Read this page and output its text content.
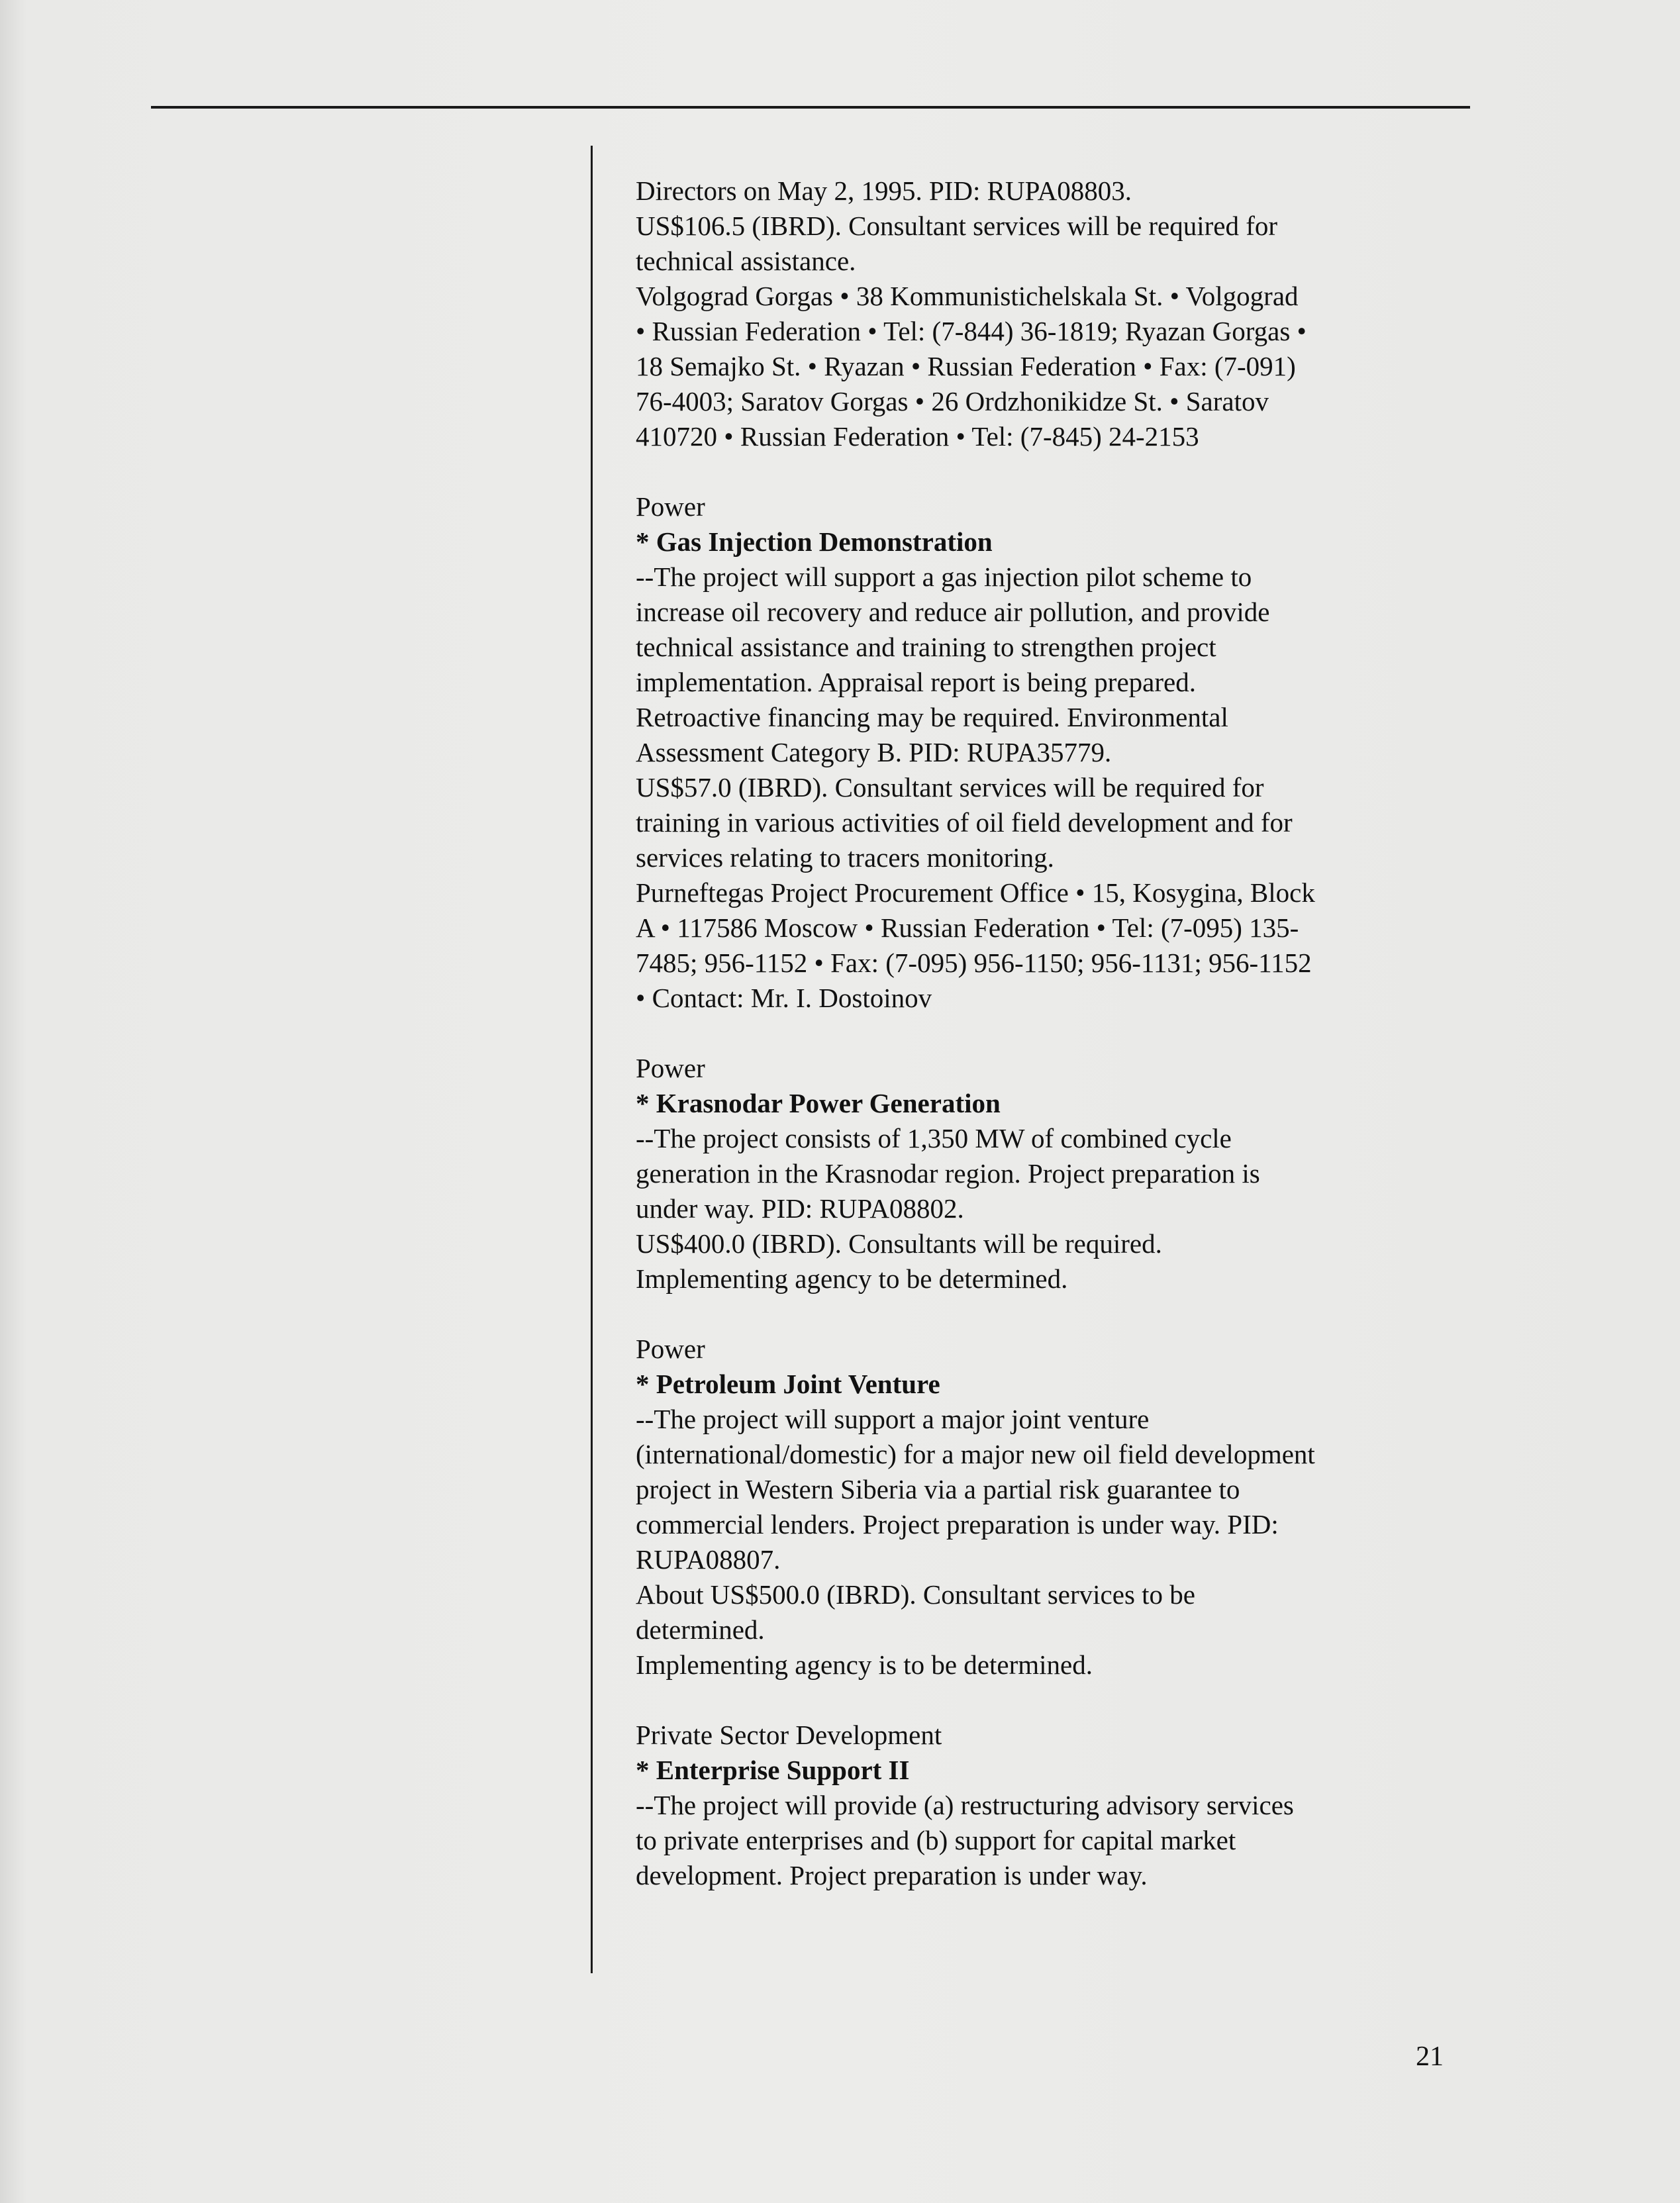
Directors on May 2, 1995. PID: RUPA08803.

US$106.5 (IBRD). Consultant services will be required for
technical assistance.

Volgograd Gorgas • 38 Kommunistichelskala St. • Volgograd
• Russian Federation • Tel: (7-844) 36-1819; Ryazan Gorgas •
18 Semajko St. • Ryazan • Russian Federation • Fax: (7-091)
76-4003; Saratov Gorgas • 26 Ordzhonikidze St. • Saratov
410720 • Russian Federation • Tel: (7-845) 24-2153

Power

* Gas Injection Demonstration

--The project will support a gas injection pilot scheme to
increase oil recovery and reduce air pollution, and provide
technical assistance and training to strengthen project
implementation. Appraisal report is being prepared.
Retroactive financing may be required. Environmental
Assessment Category B. PID: RUPA35779.

US$57.0 (IBRD). Consultant services will be required for
training in various activities of oil field development and for
services relating to tracers monitoring.

Purneftegas Project Procurement Office • 15, Kosygina, Block
A • 117586 Moscow • Russian Federation • Tel: (7-095) 135-
7485; 956-1152 • Fax: (7-095) 956-1150; 956-1131; 956-1152
• Contact: Mr. I. Dostoinov

Power

* Krasnodar Power Generation

--The project consists of 1,350 MW of combined cycle
generation in the Krasnodar region. Project preparation is
under way. PID: RUPA08802.

US$400.0 (IBRD). Consultants will be required.

Implementing agency to be determined.

Power

* Petroleum Joint Venture

--The project will support a major joint venture
(international/domestic) for a major new oil field development
project in Western Siberia via a partial risk guarantee to
commercial lenders. Project preparation is under way. PID:
RUPA08807.

About US$500.0 (IBRD). Consultant services to be
determined.

Implementing agency is to be determined.

Private Sector Development

* Enterprise Support II

--The project will provide (a) restructuring advisory services
to private enterprises and (b) support for capital market
development. Project preparation is under way.

21
